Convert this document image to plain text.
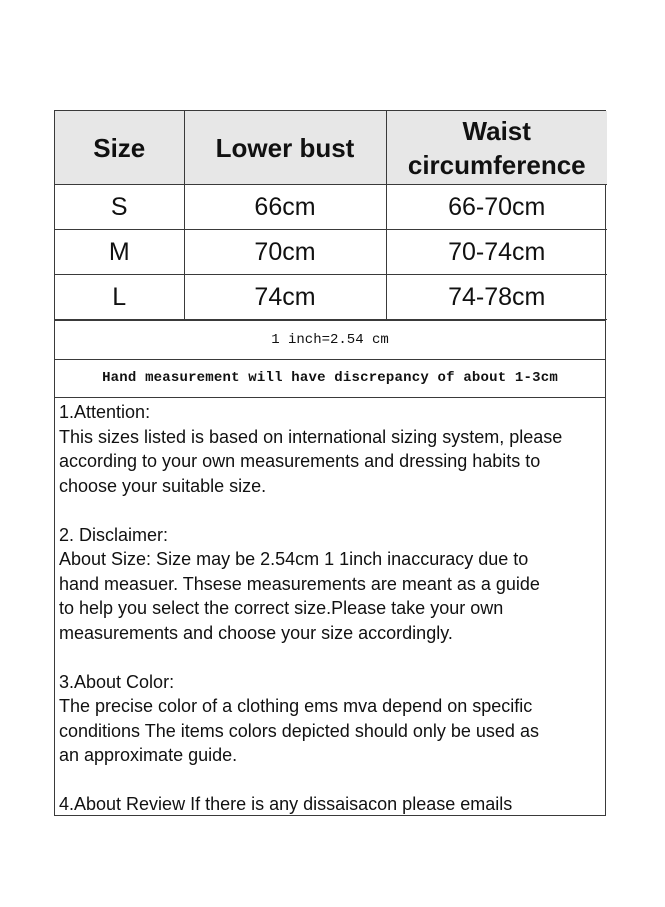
Size	Lower bust	Waist
circumference

S	66cm	66-70cm
M	70cm	70-74cm
L	74cm	74-78cm
1 inch=2.54 cm
Hand measurement will have discrepancy of about 1-3cm
1.Attention:
This sizes listed is based on international sizing system, please
according to your own measurements and dressing habits to
choose your suitable size.
2. Disclaimer:
About Size: Size may be 2.54cm 1 1inch inaccuracy due to
hand measuer. Thsese measurements are meant as a guide
to help you select the correct size.Please take your own
measurements and choose your size accordingly.
3.About Color:
The precise color of a clothing ems mva depend on specific
conditions The items colors depicted should only be used as
an approximate guide.
4.About Review If there is any dissaisacon please emails
